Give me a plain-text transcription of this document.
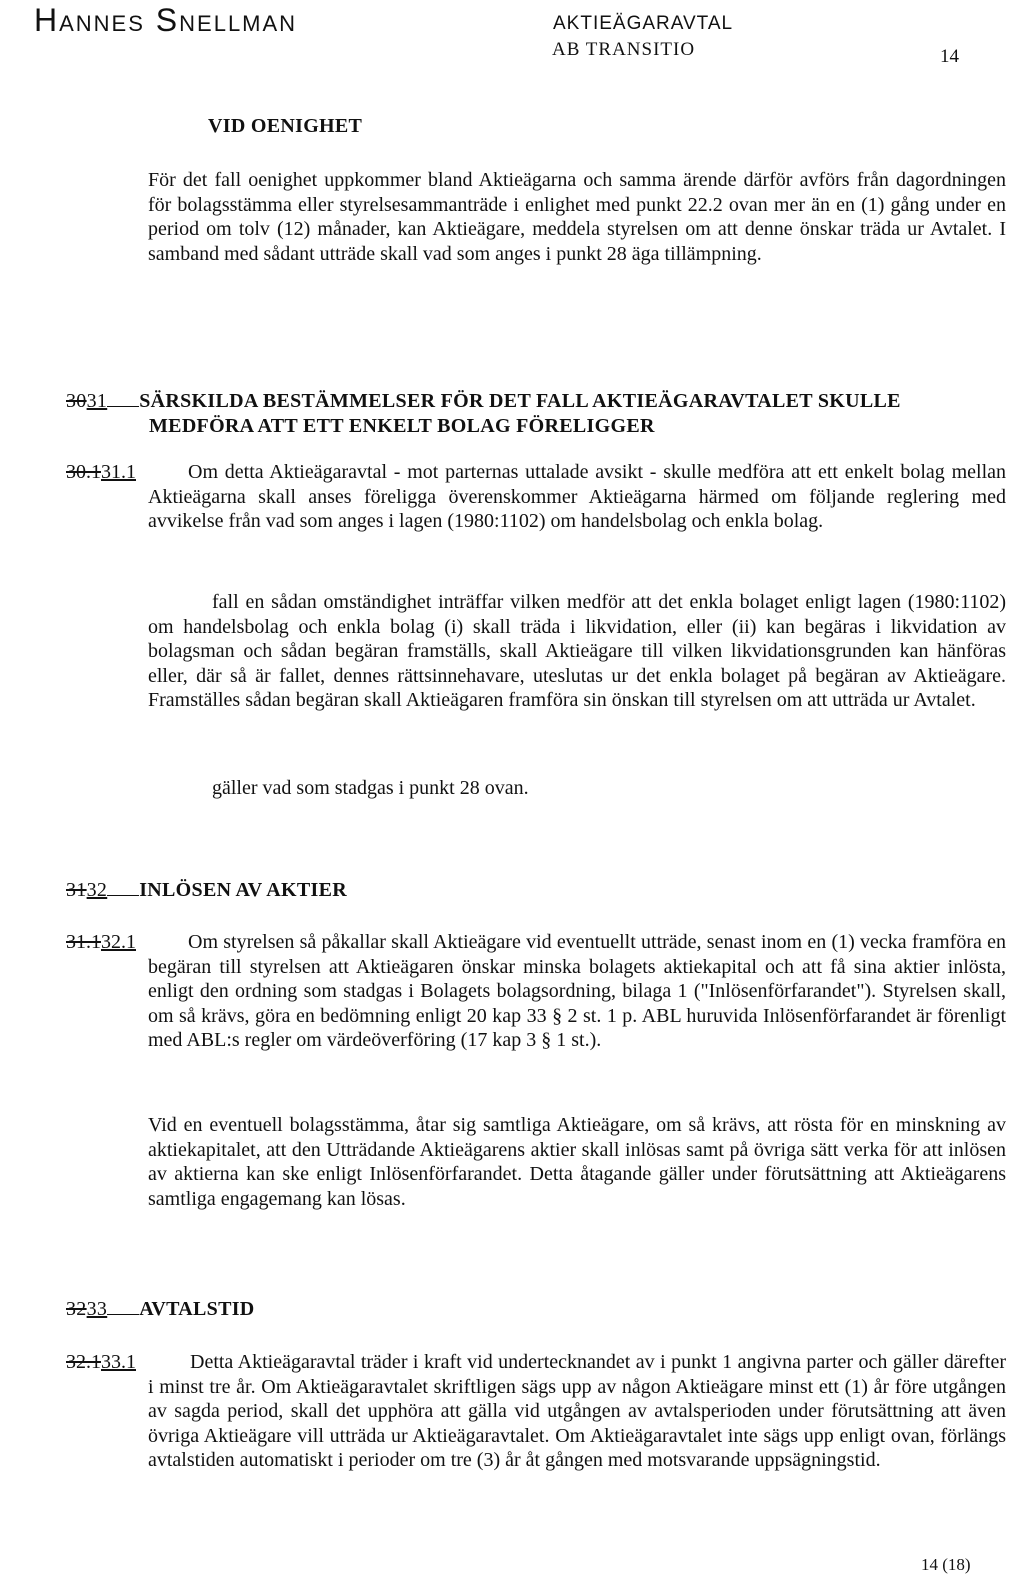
Hannes Snellman	AKTIEÄGARAVTAL
AB TRANSITIO	14
VID OENIGHET
För det fall oenighet uppkommer bland Aktieägarna och samma ärende därför avförs från dagordningen för bolagsstämma eller styrelsesammanträde i enlighet med punkt 22.2 ovan mer än en (1) gång under en period om tolv (12) månader, kan Aktieägare, meddela styrelsen om att denne önskar träda ur Avtalet. I samband med sådant utträde skall vad som anges i punkt 28 äga tillämpning.
3031 SÄRSKILDA BESTÄMMELSER FÖR DET FALL AKTIEÄGARAVTALET SKULLE
MEDFÖRA ATT ETT ENKELT BOLAG FÖRELIGGER
30.131.1	Om detta Aktieägaravtal - mot parternas uttalade avsikt - skulle medföra att ett enkelt bolag mellan Aktieägarna skall anses föreligga överenskommer Aktieägarna härmed om följande reglering med avvikelse från vad som anges i lagen (1980:1102) om handelsbolag och enkla bolag.
fall en sådan omständighet inträffar vilken medför att det enkla bolaget enligt lagen (1980:1102) om handelsbolag och enkla bolag (i) skall träda i likvidation, eller (ii) kan begäras i likvidation av bolagsman och sådan begäran framställs, skall Aktieägare till vilken likvidationsgrunden kan hänföras eller, där så är fallet, dennes rättsinnehavare, uteslutas ur det enkla bolaget på begäran av Aktieägare. Framställes sådan begäran skall Aktieägaren framföra sin önskan till styrelsen om att utträda ur Avtalet.
gäller vad som stadgas i punkt 28 ovan.
3132 INLÖSEN AV AKTIER
31.132.1	Om styrelsen så påkallar skall Aktieägare vid eventuellt utträde, senast inom en (1) vecka framföra en begäran till styrelsen att Aktieägaren önskar minska bolagets aktiekapital och att få sina aktier inlösta, enligt den ordning som stadgas i Bolagets bolagsordning, bilaga 1 ("Inlösenförfarandet"). Styrelsen skall, om så krävs, göra en bedömning enligt 20 kap 33 § 2 st. 1 p. ABL huruvida Inlösenförfarandet är förenligt med ABL:s regler om värdeöverföring (17 kap 3 § 1 st.).
Vid en eventuell bolagsstämma, åtar sig samtliga Aktieägare, om så krävs, att rösta för en minskning av aktiekapitalet, att den Utträdande Aktieägarens aktier skall inlösas samt på övriga sätt verka för att inlösen av aktierna kan ske enligt Inlösenförfarandet. Detta åtagande gäller under förutsättning att Aktieägarens samtliga engagemang kan lösas.
3233 AVTALSTID
32.133.1	Detta Aktieägaravtal träder i kraft vid undertecknandet av i punkt 1 angivna parter och gäller därefter i minst tre år. Om Aktieägaravtalet skriftligen sägs upp av någon Aktieägare minst ett (1) år före utgången av sagda period, skall det upphöra att gälla vid utgången av avtalsperioden under förutsättning att även övriga Aktieägare vill utträda ur Aktieägaravtalet. Om Aktieägaravtalet inte sägs upp enligt ovan, förlängs avtalstiden automatiskt i perioder om tre (3) år åt gången med motsvarande uppsägningstid.
14 (18)
